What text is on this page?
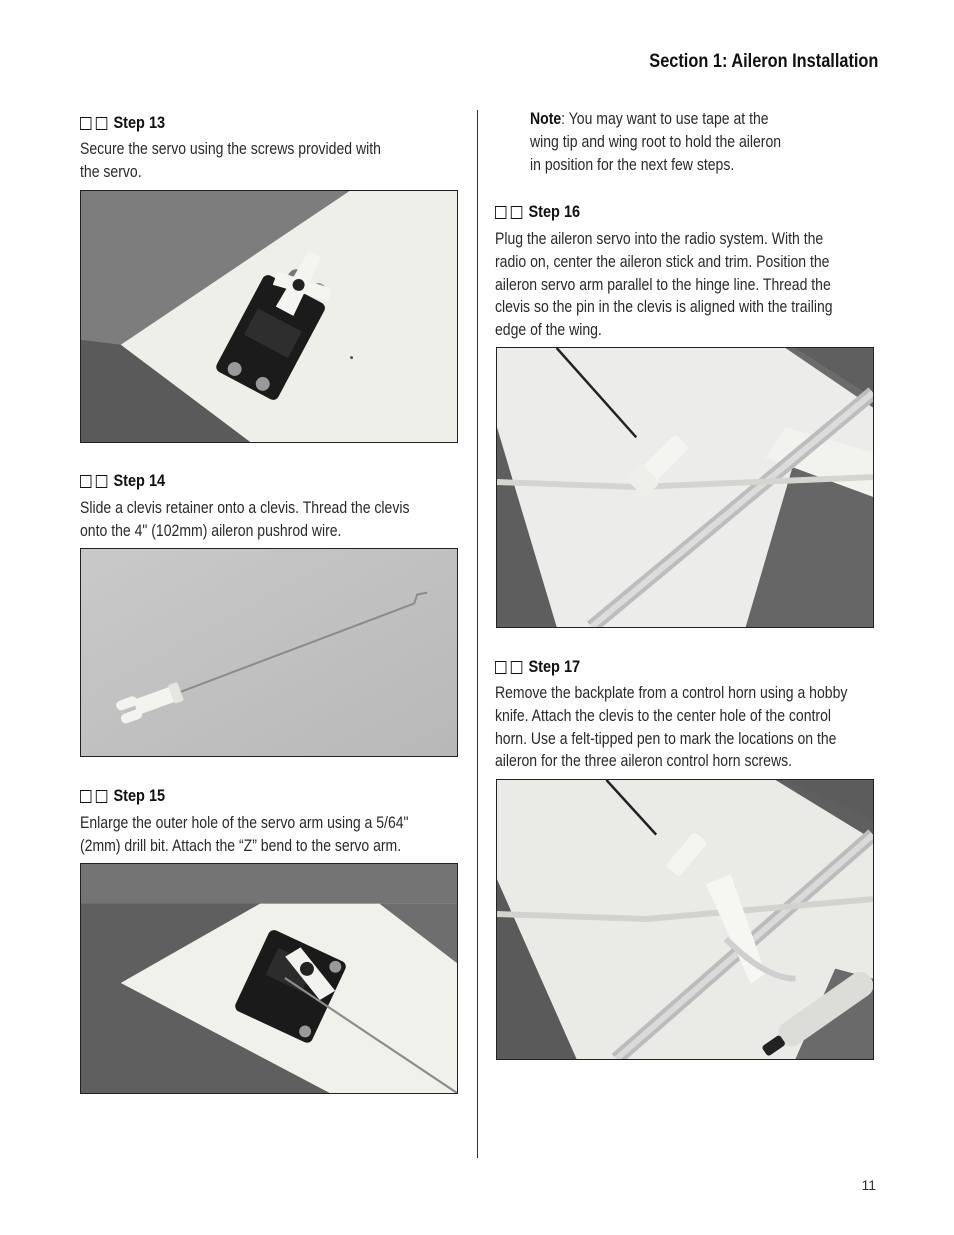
Section 1: Aileron Installation
Step 13
Secure the servo using the screws provided with
the servo.
Step 14
Slide a clevis retainer onto a clevis. Thread the clevis
onto the 4" (102mm) aileron pushrod wire.
Step 15
Enlarge the outer hole of the servo arm using a 5/64"
(2mm) drill bit. Attach the “Z” bend to the servo arm.
Note: You may want to use tape at the
wing tip and wing root to hold the aileron
in position for the next few steps.
Step 16
Plug the aileron servo into the radio system. With the
radio on, center the aileron stick and trim. Position the
aileron servo arm parallel to the hinge line. Thread the
clevis so the pin in the clevis is aligned with the trailing
edge of the wing.
Step 17
Remove the backplate from a control horn using a hobby
knife. Attach the clevis to the center hole of the control
horn. Use a felt-tipped pen to mark the locations on the
aileron for the three aileron control horn screws.
11
